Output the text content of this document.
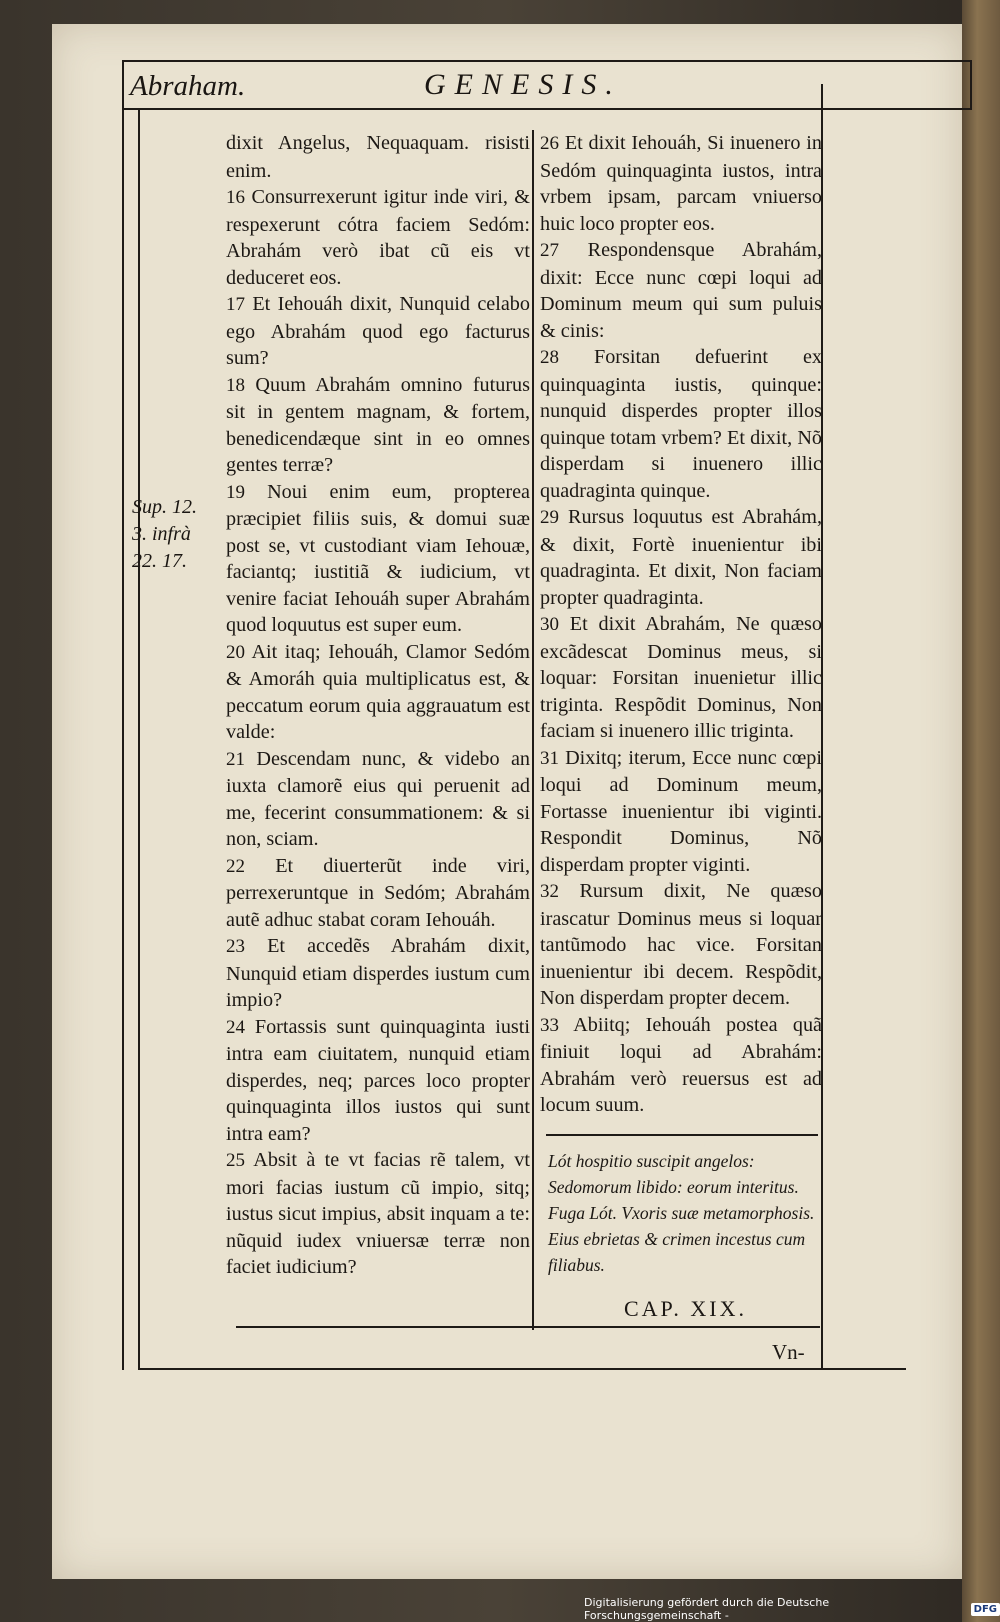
Abraham.	GENESIS.
Sup. 12.
3. infrà
22. 17.

dixit Angelus, Nequaquam. risisti enim.

16 Consurrexerunt igitur inde viri, & respexerunt cótra faciem Sedóm: Abrahám verò ibat cũ eis vt deduceret eos.

17 Et Iehouáh dixit, Nunquid celabo ego Abrahám quod ego facturus sum?

18 Quum Abrahám omnino futurus sit in gentem magnam, & fortem, benedicendæque sint in eo omnes gentes terræ?

19 Noui enim eum, propterea præcipiet filiis suis, & domui suæ post se, vt custodiant viam Iehouæ, faciantq; iustitiã & iudicium, vt venire faciat Iehouáh super Abrahám quod loquutus est super eum.

20 Ait itaq; Iehouáh, Clamor Sedóm & Amoráh quia multiplicatus est, & peccatum eorum quia aggrauatum est valde:

21 Descendam nunc, & videbo an iuxta clamorẽ eius qui peruenit ad me, fecerint consummationem: & si non, sciam.

22 Et diuerterũt inde viri, perrexeruntque in Sedóm; Abrahám autẽ adhuc stabat coram Iehouáh.

23 Et accedẽs Abrahám dixit, Nunquid etiam disperdes iustum cum impio?

24 Fortassis sunt quinquaginta iusti intra eam ciuitatem, nunquid etiam disperdes, neq; parces loco propter quinquaginta illos iustos qui sunt intra eam?

25 Absit à te vt facias rẽ talem, vt mori facias iustum cũ impio, sitq; iustus sicut impius, absit inquam a te: nũquid iudex vniuersæ terræ non faciet iudicium?

26 Et dixit Iehouáh, Si inuenero in Sedóm quinquaginta iustos, intra vrbem ipsam, parcam vniuerso huic loco propter eos.

27 Respondensque Abrahám, dixit: Ecce nunc cœpi loqui ad Dominum meum qui sum puluis & cinis:

28 Forsitan defuerint ex quinquaginta iustis, quinque: nunquid disperdes propter illos quinque totam vrbem? Et dixit, Nõ disperdam si inuenero illic quadraginta quinque.

29 Rursus loquutus est Abrahám, & dixit, Fortè inuenientur ibi quadraginta. Et dixit, Non faciam propter quadraginta.

30 Et dixit Abrahám, Ne quæso excãdescat Dominus meus, si loquar: Forsitan inuenietur illic triginta. Respõdit Dominus, Non faciam si inuenero illic triginta.

31 Dixitq; iterum, Ecce nunc cœpi loqui ad Dominum meum, Fortasse inuenientur ibi viginti. Respondit Dominus, Nõ disperdam propter viginti.

32 Rursum dixit, Ne quæso irascatur Dominus meus si loquar tantũmodo hac vice. Forsitan inuenientur ibi decem. Respõdit, Non disperdam propter decem.

33 Abiitq; Iehouáh postea quã finiuit loqui ad Abrahám: Abrahám verò reuersus est ad locum suum.

Lót hospitio suscipit angelos: Sedomorum libido: eorum interitus. Fuga Lót. Vxoris suæ metamorphosis. Eius ebrietas & crimen incestus cum filiabus.
CAP. XIX.
Vn-
Digitalisierung gefördert durch die Deutsche Forschungsgemeinschaft -	DFG
